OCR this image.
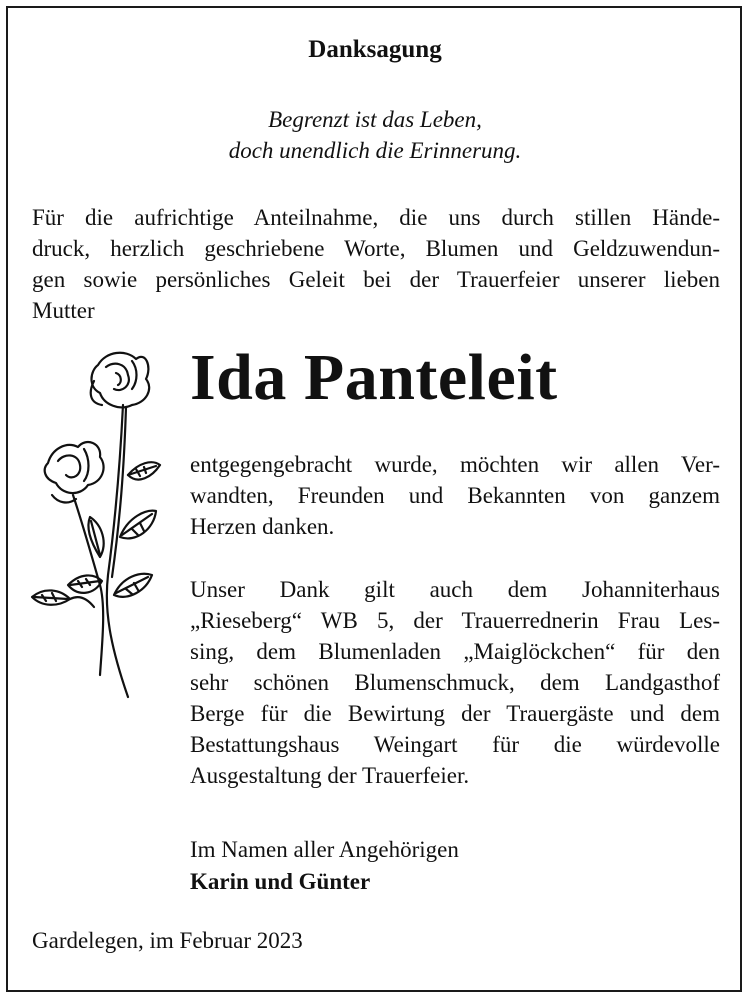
Danksagung
Begrenzt ist das Leben,
doch unendlich die Erinnerung.
Für die aufrichtige Anteilnahme, die uns durch stillen Hände-
druck, herzlich geschriebene Worte, Blumen und Geldzuwendun-
gen sowie persönliches Geleit bei der Trauerfeier unserer lieben
Mutter
Ida Panteleit
entgegengebracht wurde, möchten wir allen Ver-
wandten, Freunden und Bekannten von ganzem
Herzen danken.
Unser Dank gilt auch dem Johanniterhaus
„Rieseberg“ WB 5, der Trauerrednerin Frau Les-
sing, dem Blumenladen „Maiglöckchen“ für den
sehr schönen Blumenschmuck, dem Landgasthof
Berge für die Bewirtung der Trauergäste und dem
Bestattungshaus Weingart für die würdevolle
Ausgestaltung der Trauerfeier.
Im Namen aller Angehörigen
Karin und Günter
Gardelegen, im Februar 2023
